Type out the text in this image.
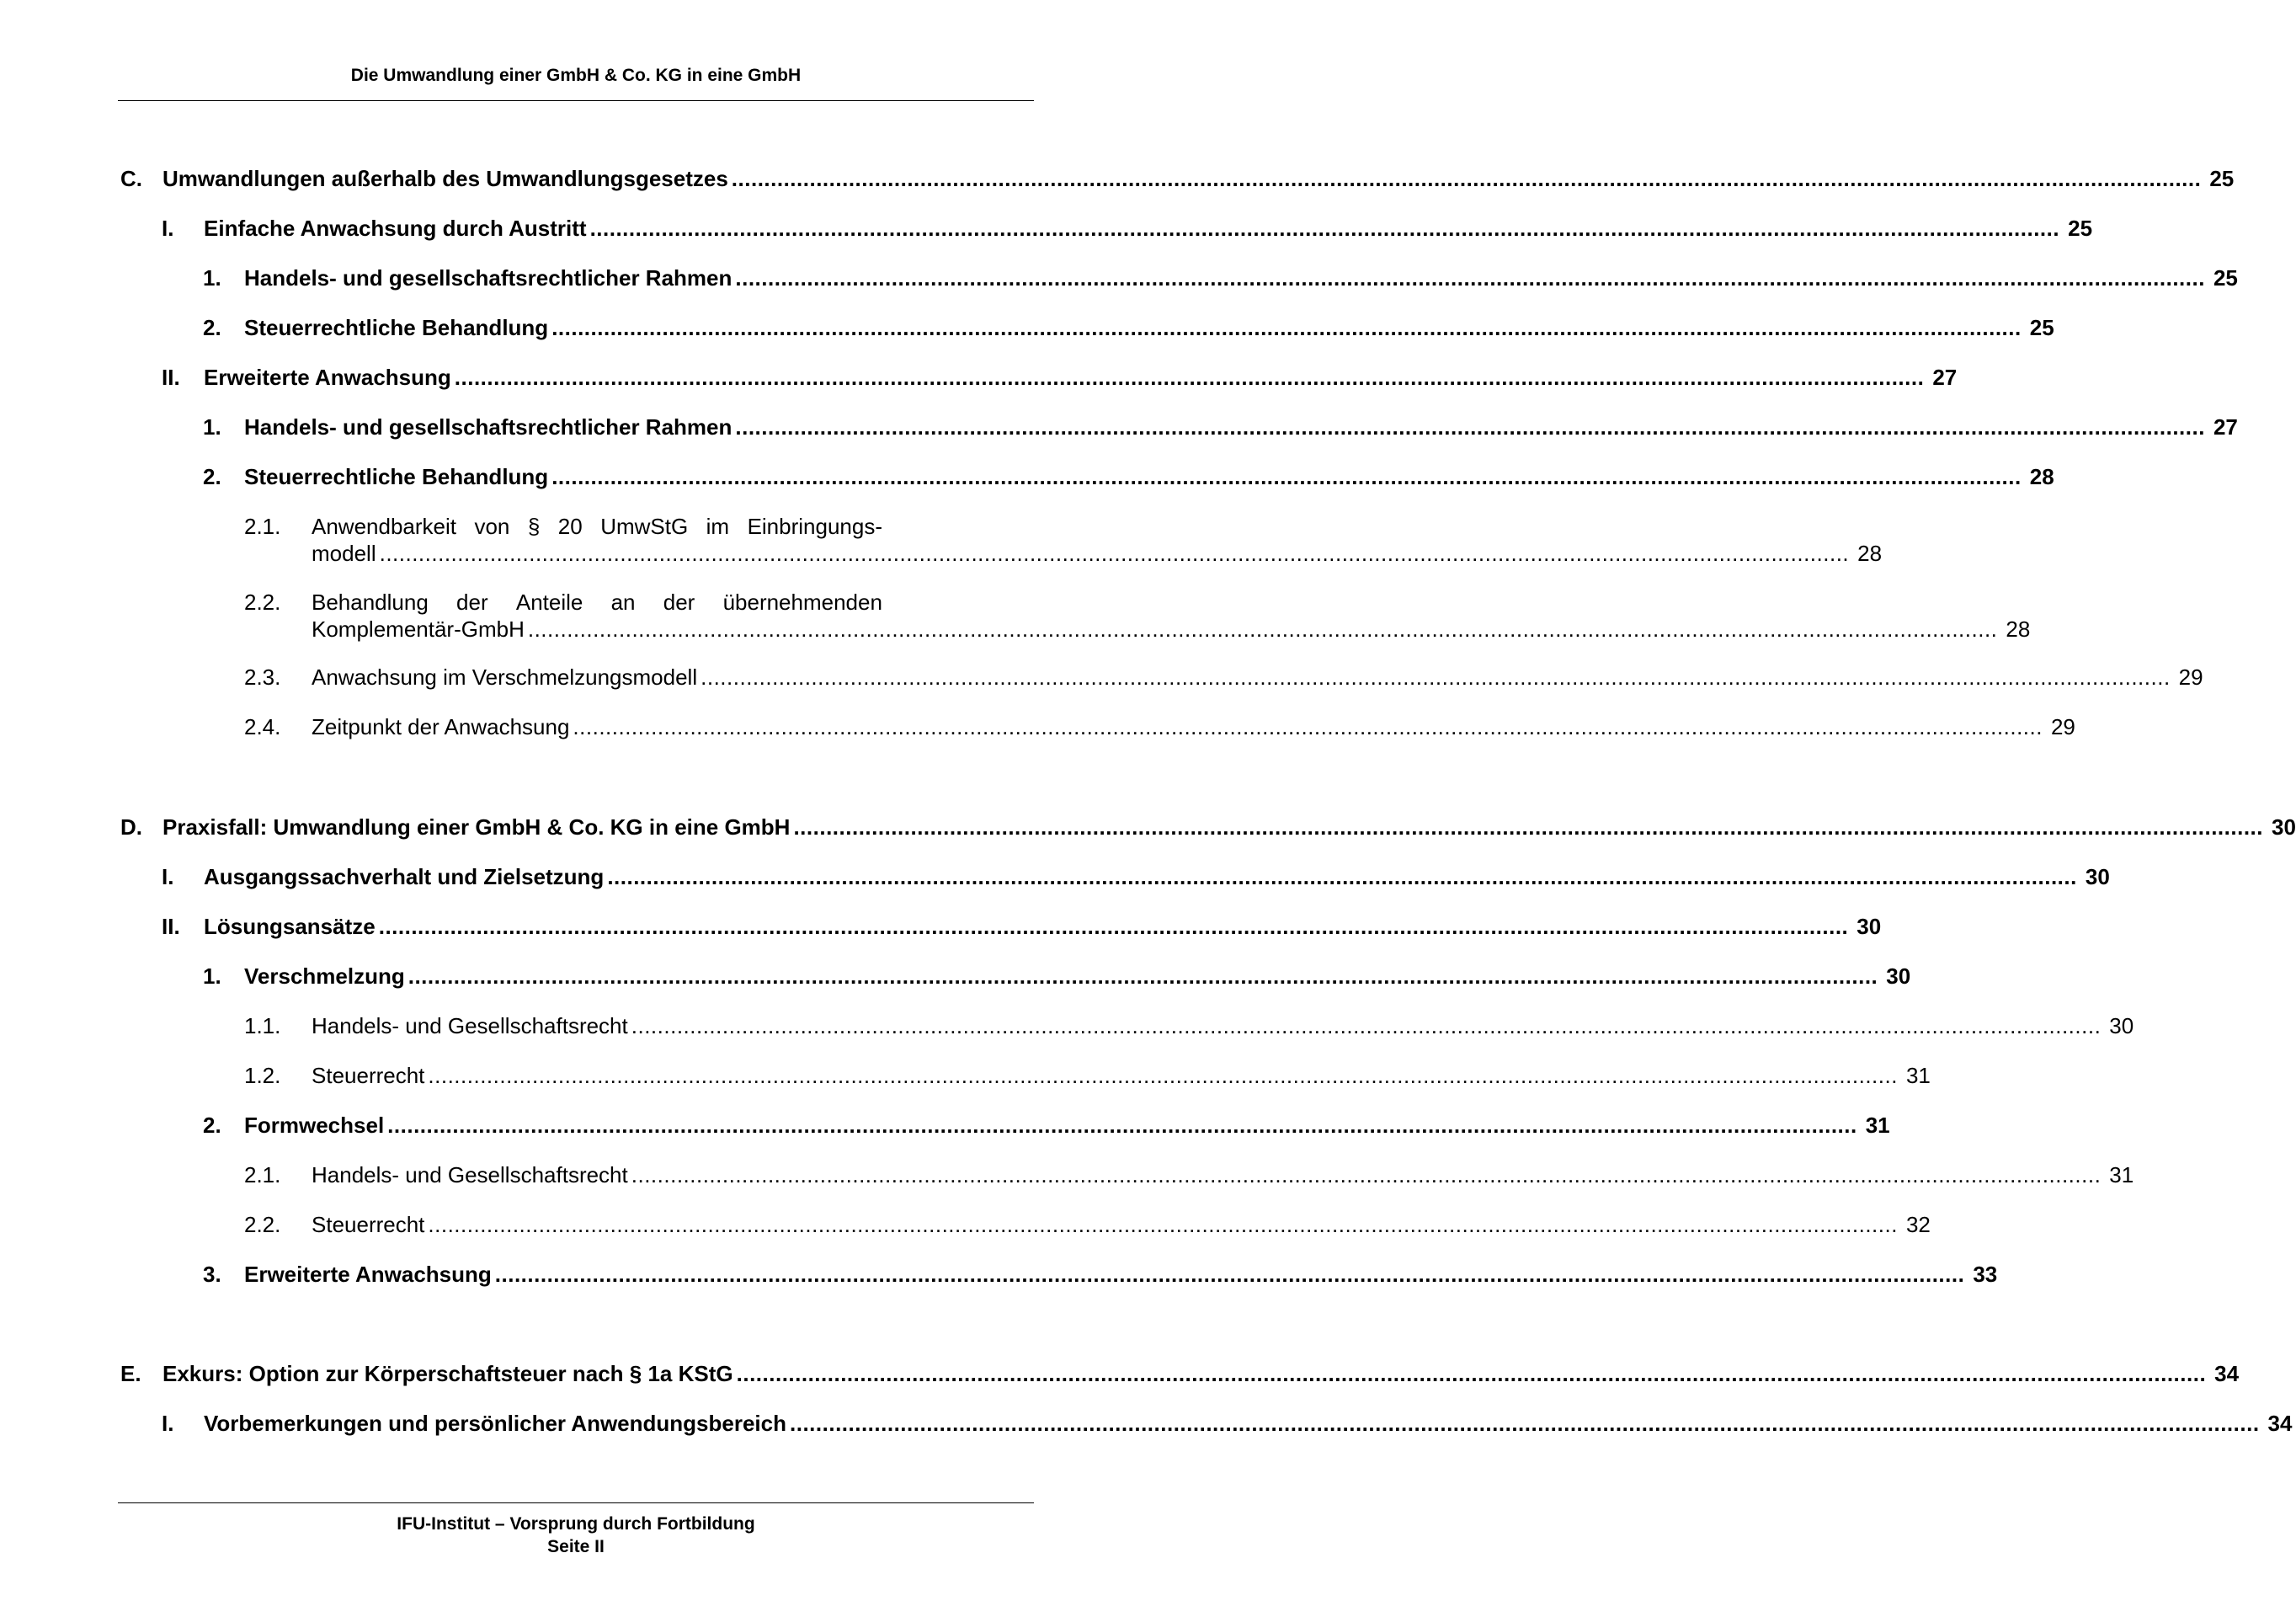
Die Umwandlung einer GmbH & Co. KG in eine GmbH
C. Umwandlungen außerhalb des Umwandlungsgesetzes .....	25
I. Einfache Anwachsung durch Austritt .....	25
1. Handels- und gesellschaftsrechtlicher Rahmen .....	25
2. Steuerrechtliche Behandlung .....	25
II. Erweiterte Anwachsung .....	27
1. Handels- und gesellschaftsrechtlicher Rahmen .....	27
2. Steuerrechtliche Behandlung .....	28
2.1. Anwendbarkeit von § 20 UmwStG im Einbringungs-
modell .....	28
2.2. Behandlung der Anteile an der übernehmenden
Komplementär-GmbH .....	28
2.3. Anwachsung im Verschmelzungsmodell .....	29
2.4. Zeitpunkt der Anwachsung .....	29
D. Praxisfall: Umwandlung einer GmbH & Co. KG in eine GmbH .....	30
I. Ausgangssachverhalt und Zielsetzung .....	30
II. Lösungsansätze .....	30
1. Verschmelzung .....	30
1.1. Handels- und Gesellschaftsrecht .....	30
1.2. Steuerrecht .....	31
2. Formwechsel .....	31
2.1. Handels- und Gesellschaftsrecht .....	31
2.2. Steuerrecht .....	32
3. Erweiterte Anwachsung .....	33
E. Exkurs: Option zur Körperschaftsteuer nach § 1a KStG .....	34
I. Vorbemerkungen und persönlicher Anwendungsbereich .....	34
IFU-Institut – Vorsprung durch Fortbildung
Seite II
